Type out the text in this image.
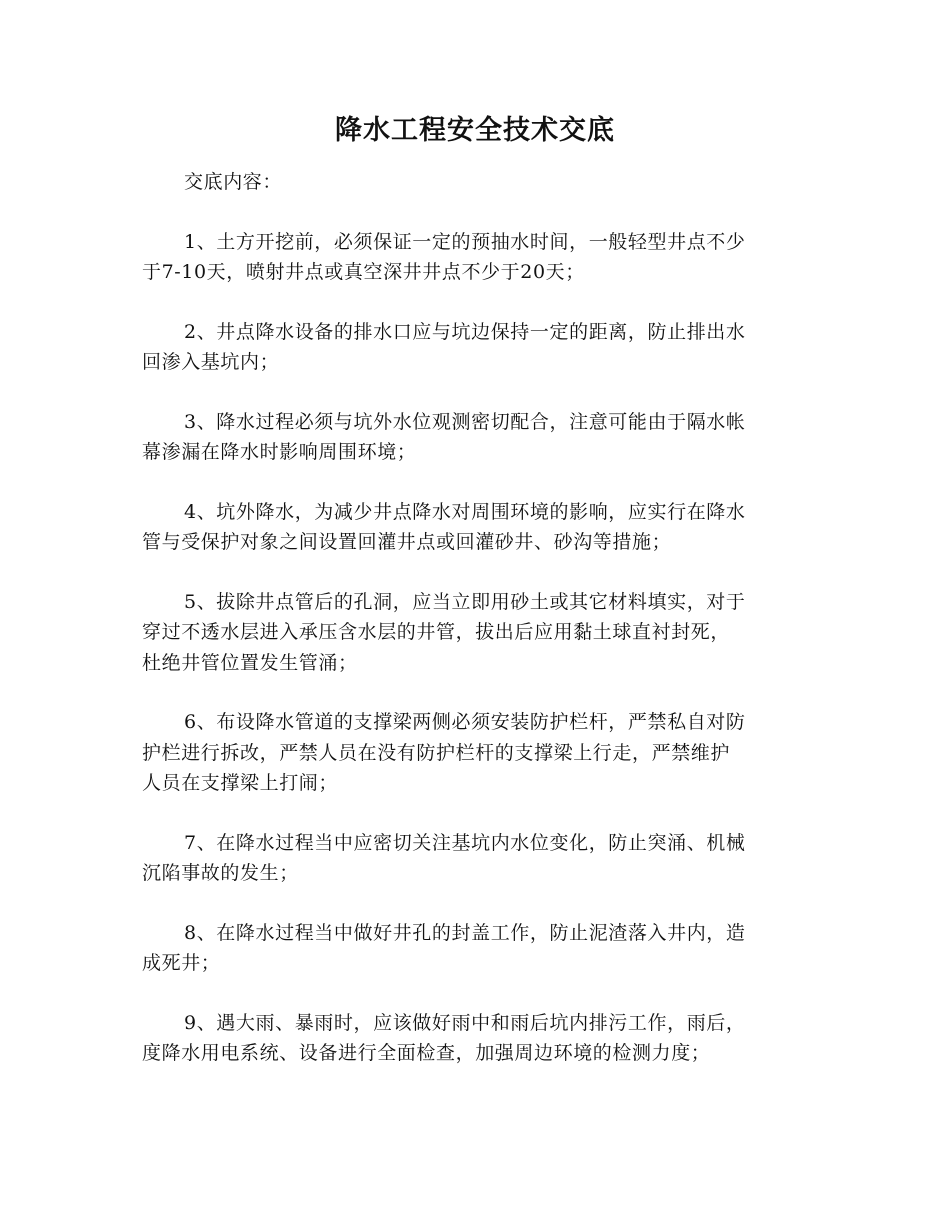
降水工程安全技术交底

交底内容：

1、土方开挖前，必须保证一定的预抽水时间，一般轻型井点不少
于7-10天，喷射井点或真空深井井点不少于20天；
2、井点降水设备的排水口应与坑边保持一定的距离，防止排出水
回渗入基坑内；
3、降水过程必须与坑外水位观测密切配合，注意可能由于隔水帐
幕渗漏在降水时影响周围环境；
4、坑外降水，为减少井点降水对周围环境的影响，应实行在降水
管与受保护对象之间设置回灌井点或回灌砂井、砂沟等措施；
5、拔除井点管后的孔洞，应当立即用砂土或其它材料填实，对于
穿过不透水层进入承压含水层的井管，拔出后应用黏土球直衬封死，
杜绝井管位置发生管涌；
6、布设降水管道的支撑梁两侧必须安装防护栏杆，严禁私自对防
护栏进行拆改，严禁人员在没有防护栏杆的支撑梁上行走，严禁维护
人员在支撑梁上打闹；
7、在降水过程当中应密切关注基坑内水位变化，防止突涌、机械
沉陷事故的发生；
8、在降水过程当中做好井孔的封盖工作，防止泥渣落入井内，造
成死井；
9、遇大雨、暴雨时，应该做好雨中和雨后坑内排污工作，雨后，
度降水用电系统、设备进行全面检查，加强周边环境的检测力度；
